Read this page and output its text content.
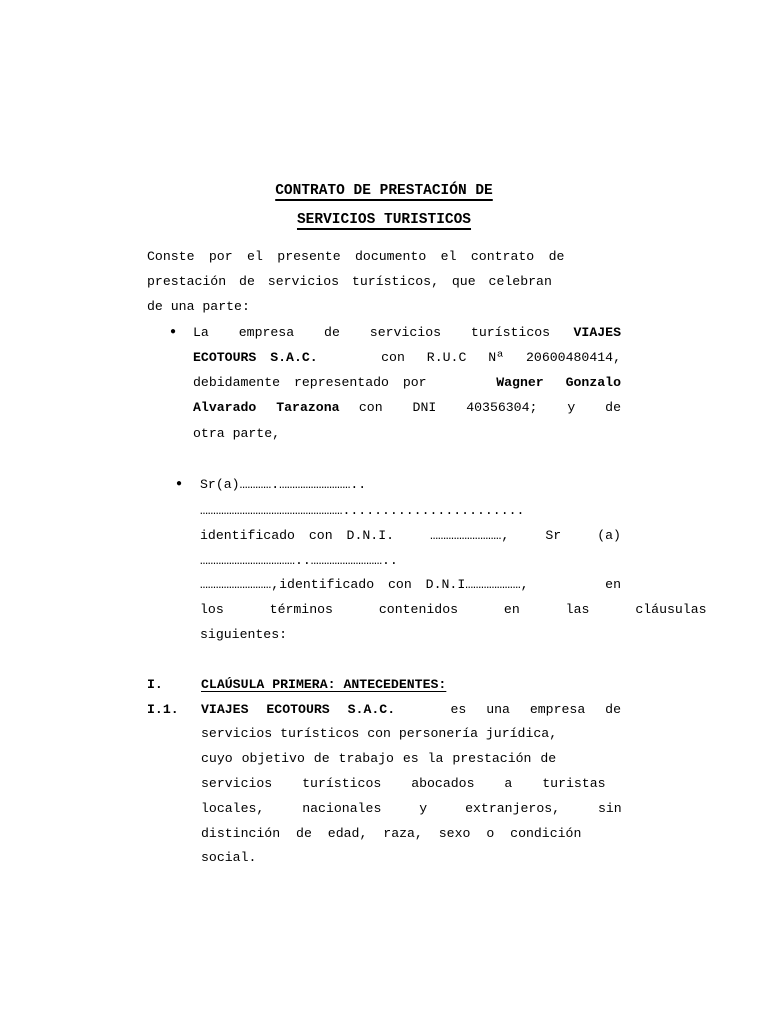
CONTRATO DE PRESTACIÓN DE
SERVICIOS TURISTICOS
Conste por el presente documento el contrato de
prestación de servicios turísticos, que celebran
de una parte:
● La empresa de servicios turísticos VIAJES
ECOTOURS S.A.C.	con R.U.C Nª 20600480414,
debidamente representado por	Wagner Gonzalo
Alvarado Tarazona con DNI 40356304; y de
otra parte,
● Sr(a)………….………………………..
……………………………………………….......................
identificado con D.N.I.	………………………,	Sr	(a)
………………………………..………………………..
………………………,identificado con D.N.I…………………,	en
los términos contenidos en las cláusulas
siguientes:
I.	CLAÚSULA PRIMERA: ANTECEDENTES:
I.1. VIAJES ECOTOURS S.A.C.	es una empresa de
servicios turísticos con personería jurídica,
cuyo objetivo de trabajo es la prestación de
servicios turísticos abocados a turistas
locales, nacionales y extranjeros, sin
distinción de edad, raza, sexo o condición
social.
